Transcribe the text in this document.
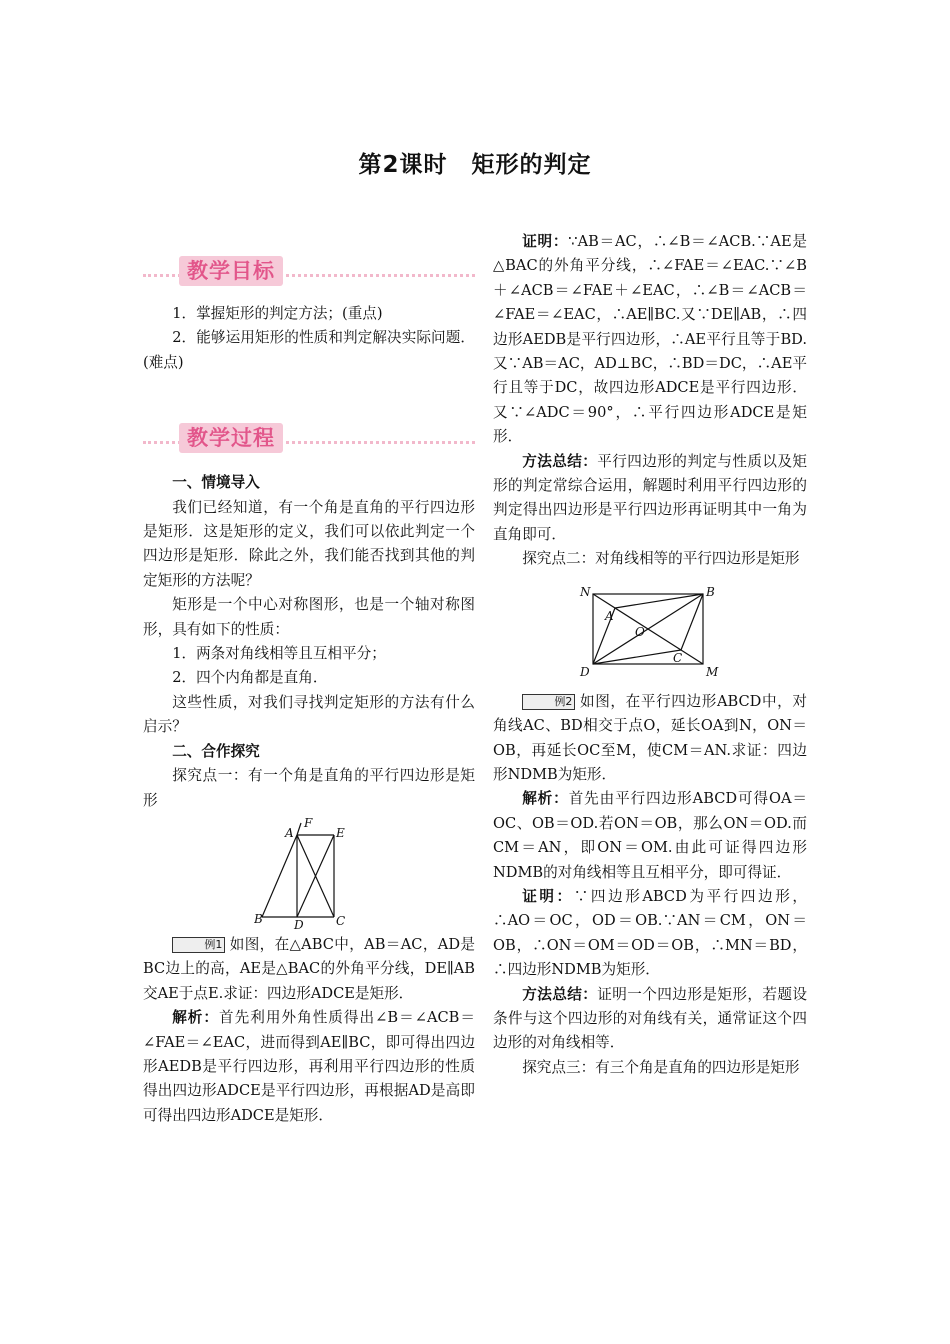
第2课时　矩形的判定
教学目标

1．掌握矩形的判定方法；(重点)

2．能够运用矩形的性质和判定解决实际问题．(难点)

教学过程

一、情境导入

我们已经知道，有一个角是直角的平行四边形是矩形．这是矩形的定义，我们可以依此判定一个四边形是矩形．除此之外，我们能否找到其他的判定矩形的方法呢？

矩形是一个中心对称图形，也是一个轴对称图形，具有如下的性质：

1．两条对角线相等且互相平分；

2．四个内角都是直角．

这些性质，对我们寻找判定矩形的方法有什么启示？

二、合作探究

探究点一：有一个角是直角的平行四边形是矩形

A
F
E
B	D	C

例1 如图，在△ABC中，AB＝AC，AD是BC边上的高，AE是△BAC的外角平分线，DE∥AB交AE于点E.求证：四边形ADCE是矩形．

解析：首先利用外角性质得出∠B＝∠ACB＝∠FAE＝∠EAC，进而得到AE∥BC，即可得出四边形AEDB是平行四边形，再利用平行四边形的性质得出四边形ADCE是平行四边形，再根据AD是高即可得出四边形ADCE是矩形．

证明：∵AB＝AC，∴∠B＝∠ACB.∵AE是△BAC的外角平分线，∴∠FAE＝∠EAC.∵∠B＋∠ACB＝∠FAE＋∠EAC，∴∠B＝∠ACB＝∠FAE＝∠EAC，∴AE∥BC.又∵DE∥AB，∴四边形AEDB是平行四边形，∴AE平行且等于BD.又∵AB＝AC，AD⊥BC，∴BD＝DC，∴AE平行且等于DC，故四边形ADCE是平行四边形．又∵∠ADC＝90°，∴平行四边形ADCE是矩形．

方法总结：平行四边形的判定与性质以及矩形的判定常综合运用，解题时利用平行四边形的判定得出四边形是平行四边形再证明其中一角为直角即可．

探究点二：对角线相等的平行四边形是矩形

N	B
A
O
C
D	M

例2 如图，在平行四边形ABCD中，对角线AC、BD相交于点O，延长OA到N，ON＝OB，再延长OC至M，使CM＝AN.求证：四边形NDMB为矩形．

解析：首先由平行四边形ABCD可得OA＝OC、OB＝OD.若ON＝OB，那么ON＝OD.而CM＝AN，即ON＝OM.由此可证得四边形NDMB的对角线相等且互相平分，即可得证．

证明：∵四边形ABCD为平行四边形，∴AO＝OC，OD＝OB.∵AN＝CM，ON＝OB，∴ON＝OM＝OD＝OB，∴MN＝BD，∴四边形NDMB为矩形．

方法总结：证明一个四边形是矩形，若题设条件与这个四边形的对角线有关，通常证这个四边形的对角线相等．

探究点三：有三个角是直角的四边形是矩形
